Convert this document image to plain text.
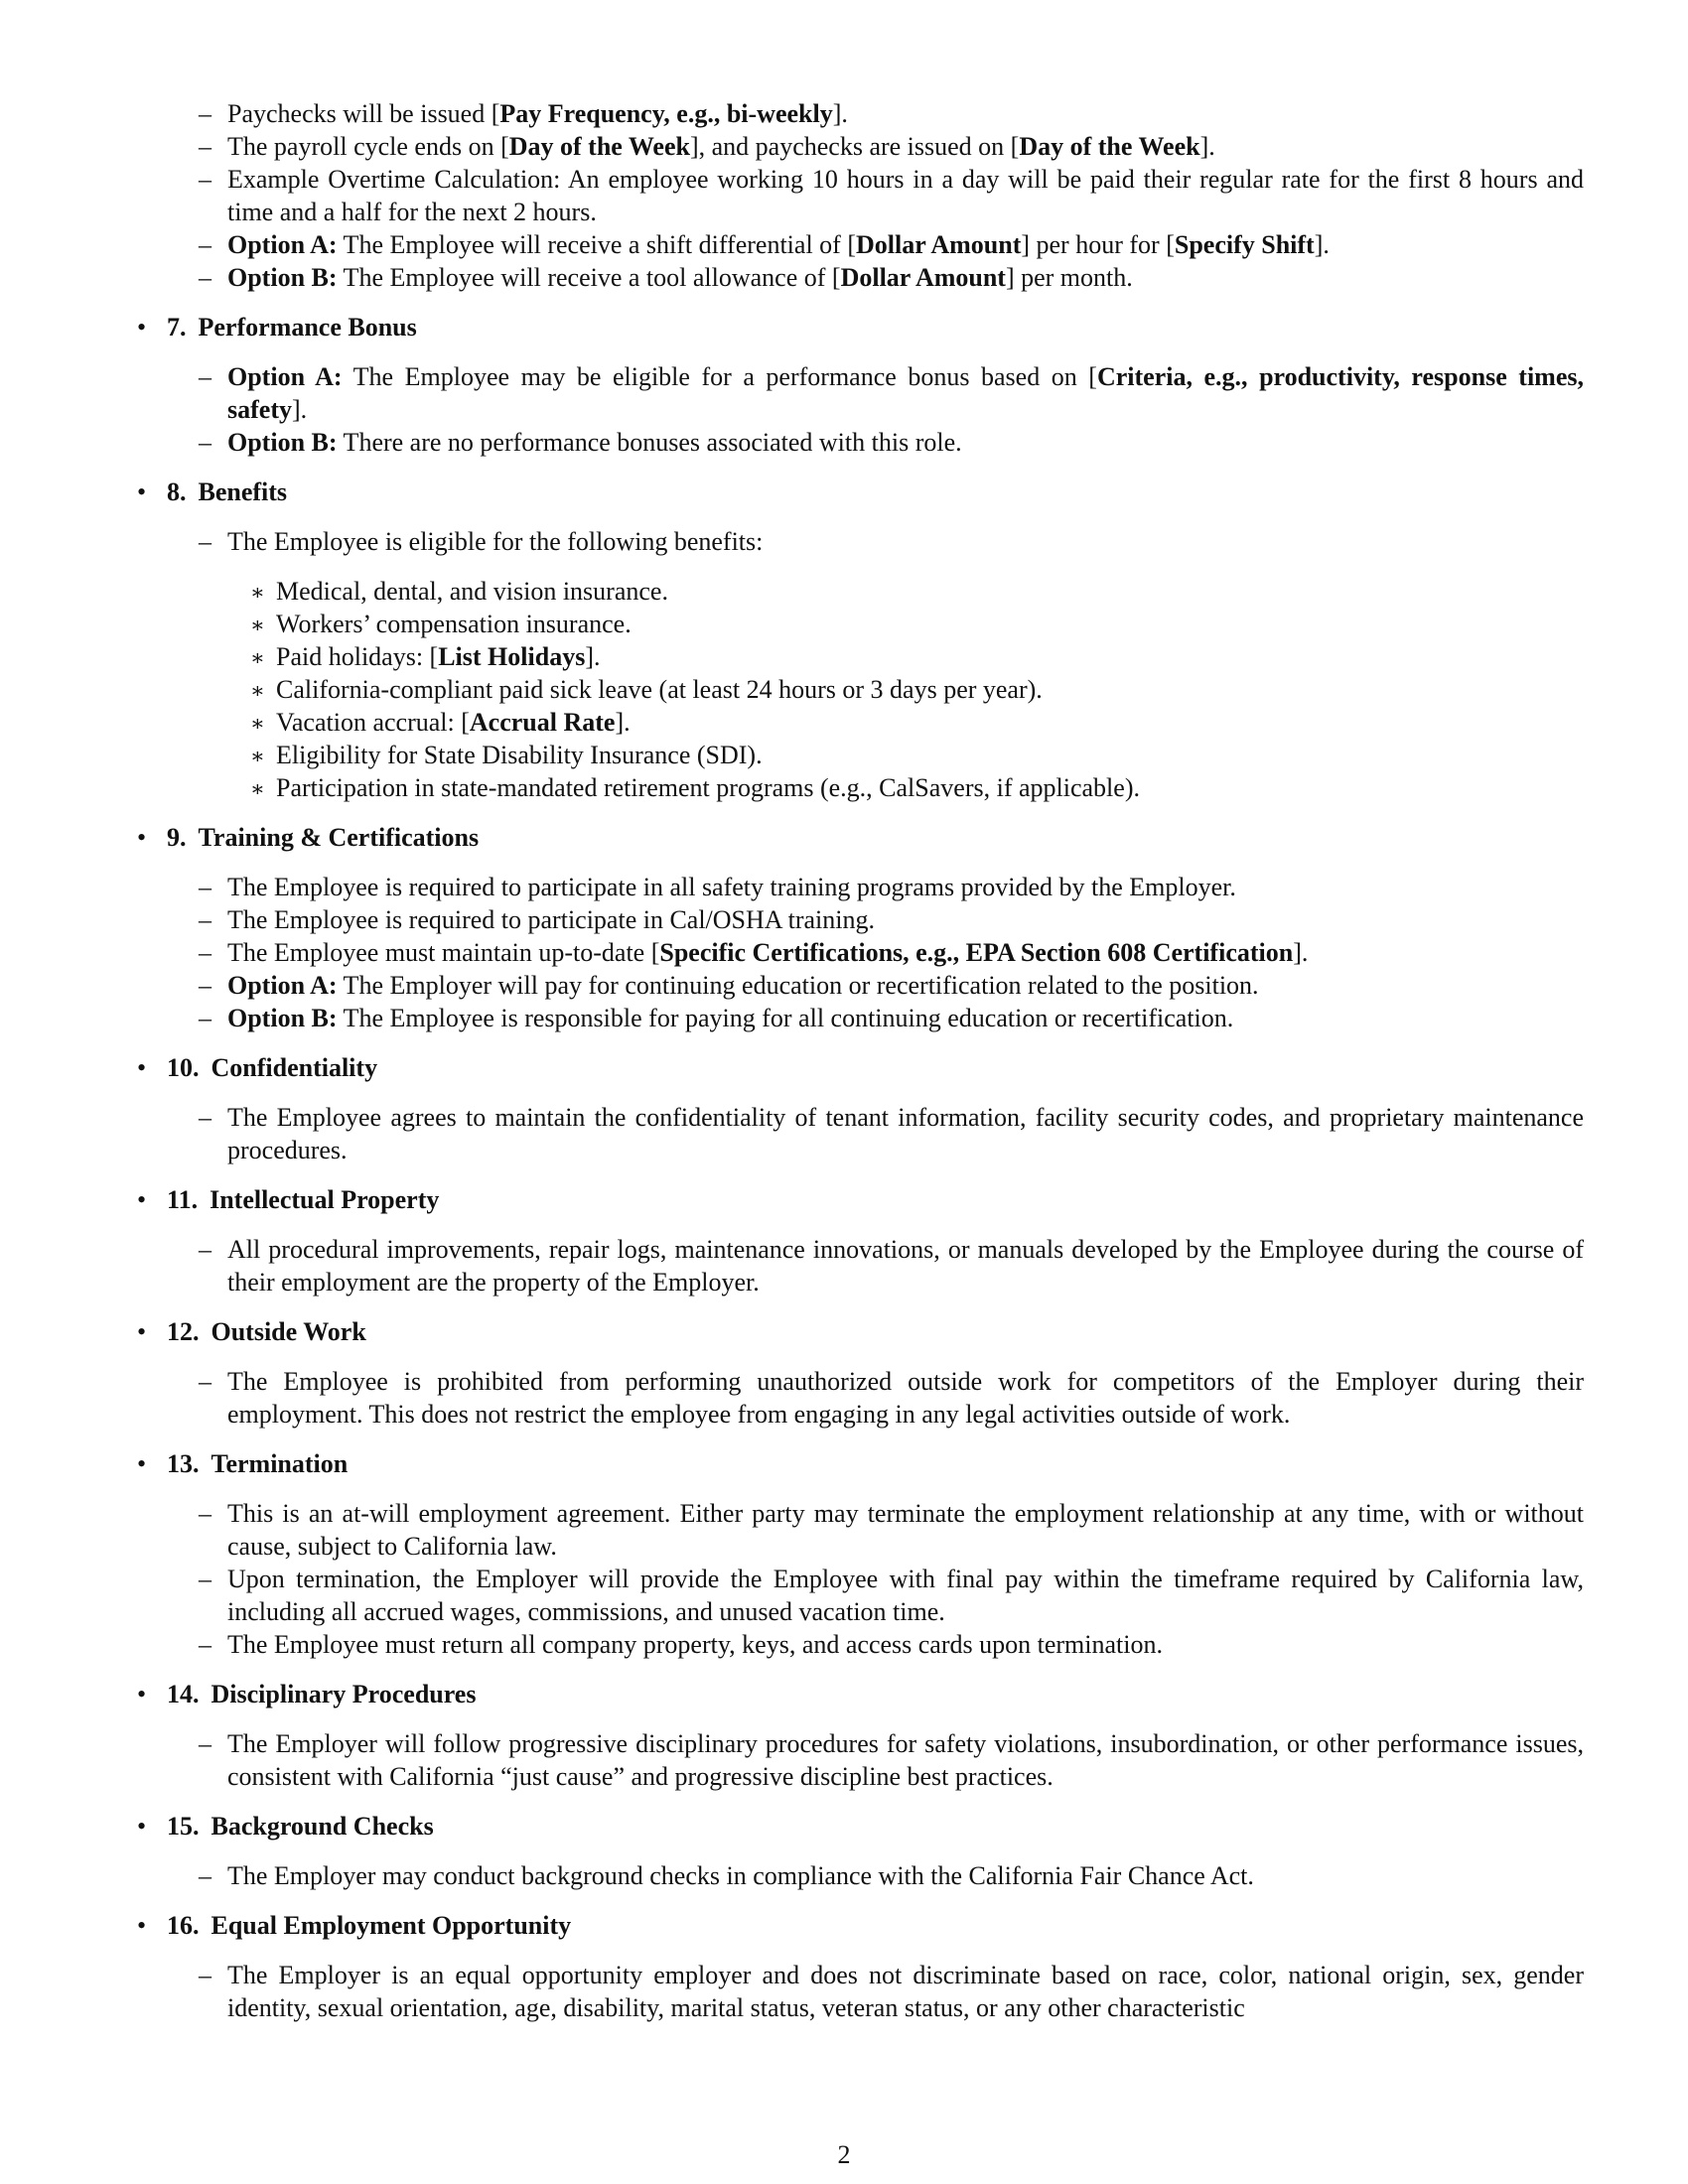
– Paychecks will be issued [Pay Frequency, e.g., bi-weekly].
– The payroll cycle ends on [Day of the Week], and paychecks are issued on [Day of the Week].
– Example Overtime Calculation: An employee working 10 hours in a day will be paid their regular rate for the first 8 hours and time and a half for the next 2 hours.
– Option A: The Employee will receive a shift differential of [Dollar Amount] per hour for [Specify Shift].
– Option B: The Employee will receive a tool allowance of [Dollar Amount] per month.
• 7. Performance Bonus
– Option A: The Employee may be eligible for a performance bonus based on [Criteria, e.g., productivity, response times, safety].
– Option B: There are no performance bonuses associated with this role.
• 8. Benefits
– The Employee is eligible for the following benefits:
∗ Medical, dental, and vision insurance.
∗ Workers’ compensation insurance.
∗ Paid holidays: [List Holidays].
∗ California-compliant paid sick leave (at least 24 hours or 3 days per year).
∗ Vacation accrual: [Accrual Rate].
∗ Eligibility for State Disability Insurance (SDI).
∗ Participation in state-mandated retirement programs (e.g., CalSavers, if applicable).
• 9. Training & Certifications
– The Employee is required to participate in all safety training programs provided by the Employer.
– The Employee is required to participate in Cal/OSHA training.
– The Employee must maintain up-to-date [Specific Certifications, e.g., EPA Section 608 Certification].
– Option A: The Employer will pay for continuing education or recertification related to the position.
– Option B: The Employee is responsible for paying for all continuing education or recertification.
• 10. Confidentiality
– The Employee agrees to maintain the confidentiality of tenant information, facility security codes, and proprietary maintenance procedures.
• 11. Intellectual Property
– All procedural improvements, repair logs, maintenance innovations, or manuals developed by the Employee during the course of their employment are the property of the Employer.
• 12. Outside Work
– The Employee is prohibited from performing unauthorized outside work for competitors of the Employer during their employment. This does not restrict the employee from engaging in any legal activities outside of work.
• 13. Termination
– This is an at-will employment agreement. Either party may terminate the employment relationship at any time, with or without cause, subject to California law.
– Upon termination, the Employer will provide the Employee with final pay within the timeframe required by California law, including all accrued wages, commissions, and unused vacation time.
– The Employee must return all company property, keys, and access cards upon termination.
• 14. Disciplinary Procedures
– The Employer will follow progressive disciplinary procedures for safety violations, insubordination, or other performance issues, consistent with California “just cause” and progressive discipline best practices.
• 15. Background Checks
– The Employer may conduct background checks in compliance with the California Fair Chance Act.
• 16. Equal Employment Opportunity
– The Employer is an equal opportunity employer and does not discriminate based on race, color, national origin, sex, gender identity, sexual orientation, age, disability, marital status, veteran status, or any other characteristic
2
